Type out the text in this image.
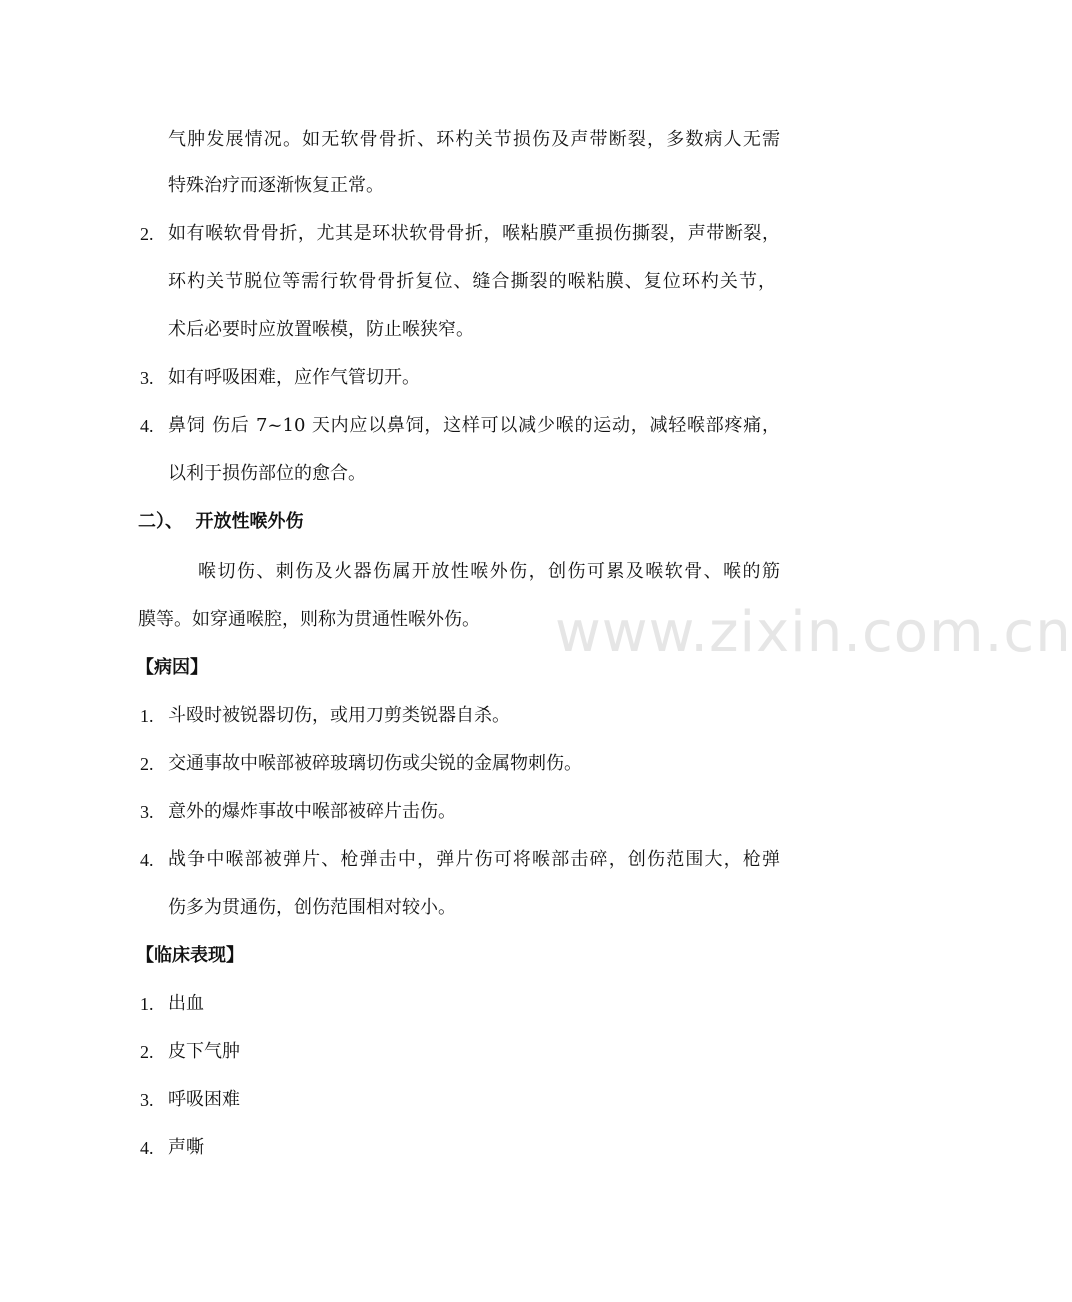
www.zixin.com.cn
气肿发展情况。如无软骨骨折、环杓关节损伤及声带断裂，多数病人无需
特殊治疗而逐渐恢复正常。
2. 如有喉软骨骨折，尤其是环状软骨骨折，喉粘膜严重损伤撕裂，声带断裂，
环杓关节脱位等需行软骨骨折复位、缝合撕裂的喉粘膜、复位环杓关节，
术后必要时应放置喉模，防止喉狭窄。
3. 如有呼吸困难，应作气管切开。
4. 鼻饲 伤后 7~10 天内应以鼻饲，这样可以减少喉的运动，减轻喉部疼痛，
以利于损伤部位的愈合。
二）、  开放性喉外伤
喉切伤、刺伤及火器伤属开放性喉外伤，创伤可累及喉软骨、喉的筋
膜等。如穿通喉腔，则称为贯通性喉外伤。
【病因】
1. 斗殴时被锐器切伤，或用刀剪类锐器自杀。
2. 交通事故中喉部被碎玻璃切伤或尖锐的金属物刺伤。
3. 意外的爆炸事故中喉部被碎片击伤。
4. 战争中喉部被弹片、枪弹击中，弹片伤可将喉部击碎，创伤范围大，枪弹
伤多为贯通伤，创伤范围相对较小。
【临床表现】
1. 出血
2. 皮下气肿
3. 呼吸困难
4. 声嘶
